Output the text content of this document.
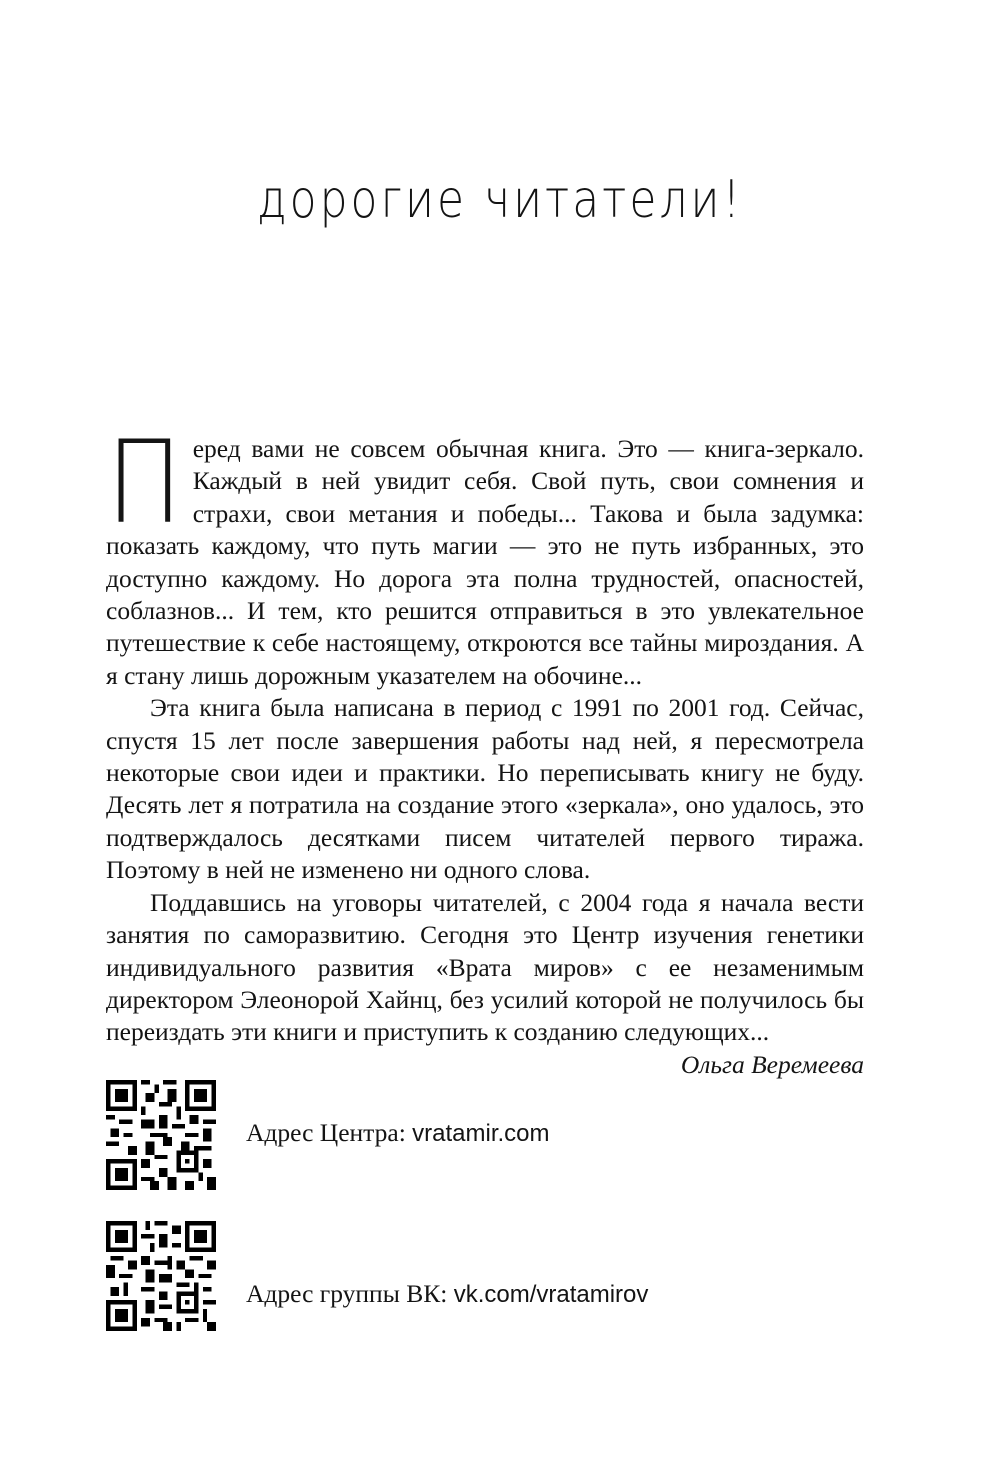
дорогие читатели!

Перед вами не совсем обычная книга. Это — книга-зеркало. Каждый в ней увидит себя. Свой путь, свои сомнения и страхи, свои метания и победы... Такова и была задумка: показать каждому, что путь магии — это не путь избранных, это доступно каждому. Но дорога эта полна трудностей, опасностей, соблазнов... И тем, кто решится отправиться в это увлекательное путешествие к себе настоящему, откроются все тайны мироздания. А я стану лишь дорожным указателем на обочине...

Эта книга была написана в период с 1991 по 2001 год. Сейчас, спустя 15 лет после завершения работы над ней, я пересмотрела некоторые свои идеи и практики. Но переписывать книгу не буду. Десять лет я потратила на создание этого «зеркала», оно удалось, это подтверждалось десятками писем читателей первого тиража. Поэтому в ней не изменено ни одного слова.

Поддавшись на уговоры читателей, с 2004 года я начала вести занятия по саморазвитию. Сегодня это Центр изучения генетики индивидуального развития «Врата миров» с ее незаменимым директором Элеонорой Хайнц, без усилий которой не получилось бы переиздать эти книги и приступить к созданию следующих...

Ольга Веремеева

Адрес Центра: vratamir.com
Адрес группы ВК: vk.com/vratamirov
